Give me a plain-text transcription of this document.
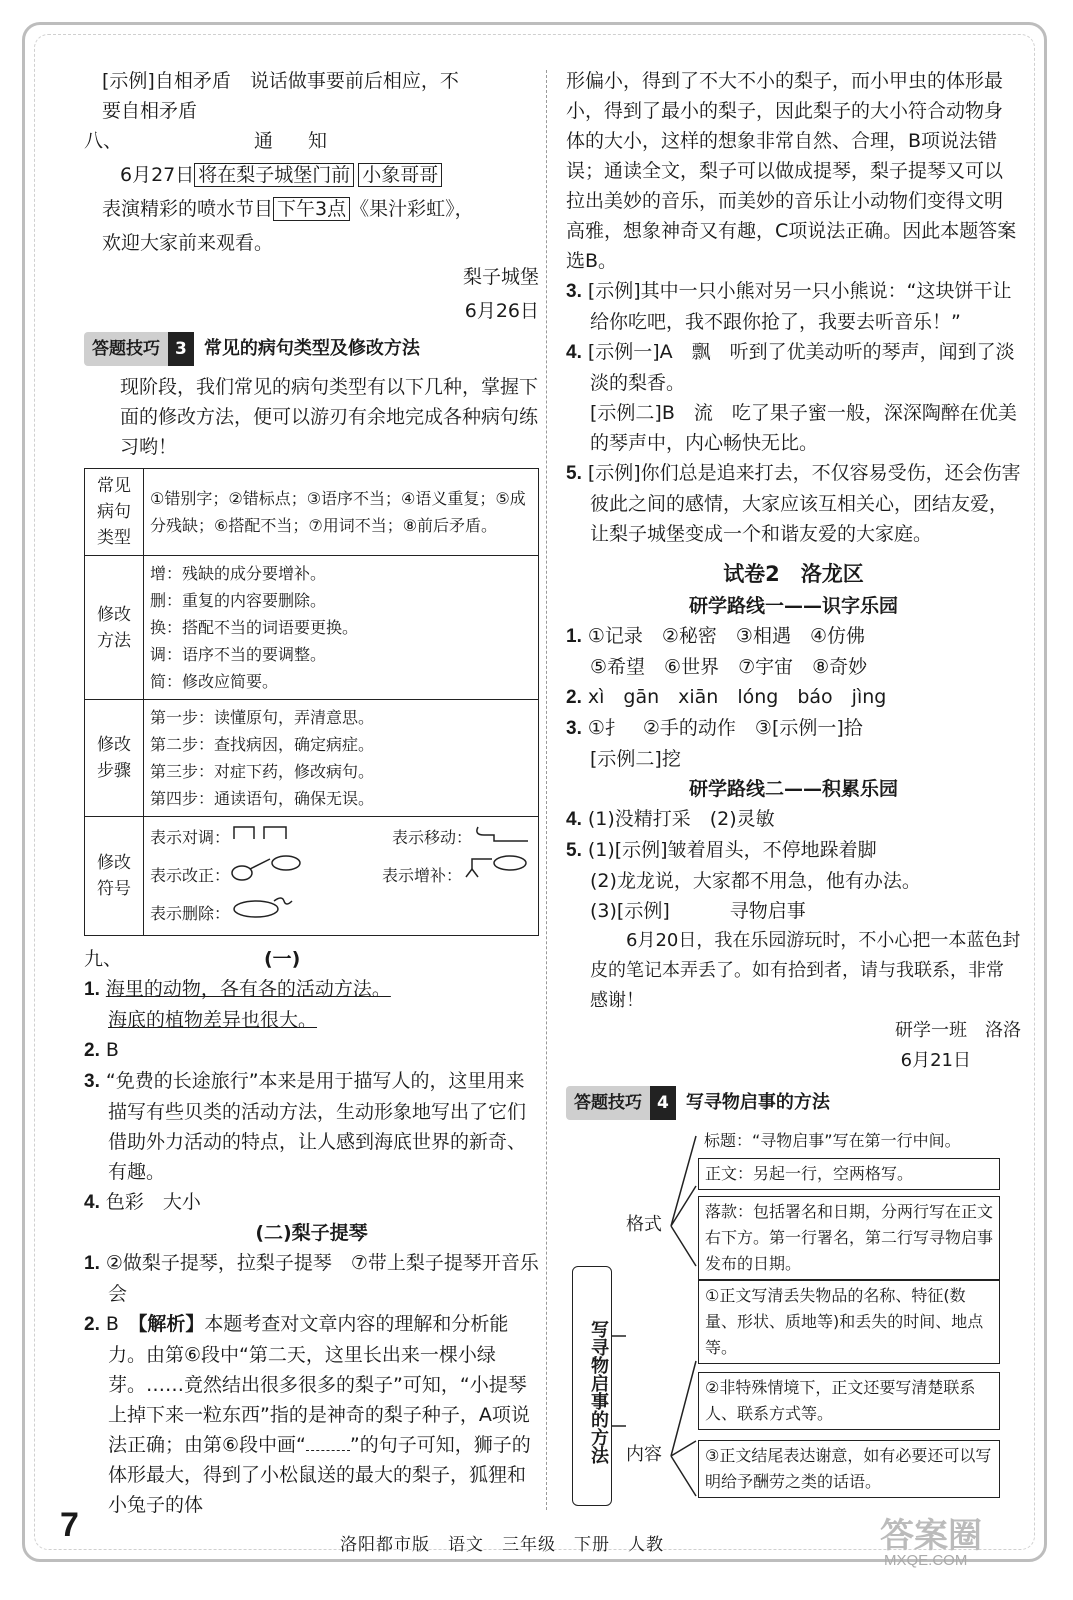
[示例]自相矛盾　说话做事要前后相应，不
要自相矛盾

八、	通　知

6月27日 将在梨子城堡门前 小象哥哥

表演精彩的喷水节目 下午3点 《果汁彩虹》，

欢迎大家前来观看。

梨子城堡

6月26日

答题技巧 3 常见的病句类型及修改方法

现阶段，我们常见的病句类型有以下几种，掌握下面的修改方法，便可以游刃有余地完成各种病句练习哟！

常见病句类型	①错别字；②错标点；③语序不当；④语义重复；⑤成分残缺；⑥搭配不当；⑦用词不当；⑧前后矛盾。
修改方法	增：残缺的成分要增补。
删：重复的内容要删除。
换：搭配不当的词语要更换。
调：语序不当的要调整。
简：修改应简要。

修改步骤	第一步：读懂原句，弄清意思。
第二步：查找病因，确定病症。
第三步：对症下药，修改病句。
第四步：通读语句，确保无误。

修改符号	表示对调： 表示移动：
表示改正： 表示增补：
表示删除：

九、	(一)

1. 海里的动物，各有各的活动方法。

海底的植物差异也很大。

2. B

3. “免费的长途旅行”本来是用于描写人的，这里用来描写有些贝类的活动方法，生动形象地写出了它们借助外力活动的特点，让人感到海底世界的新奇、有趣。

4. 色彩　大小

(二)梨子提琴

1. ②做梨子提琴，拉梨子提琴　⑦带上梨子提琴开音乐会

2. B　【解析】本题考查对文章内容的理解和分析能力。由第⑥段中“第二天，这里长出来一棵小绿芽。……竟然结出很多很多的梨子”可知，“小提琴上掉下来一粒东西”指的是神奇的梨子种子，A项说法正确；由第⑥段中画“ ”的句子可知，狮子的体形最大，得到了小松鼠送的最大的梨子，狐狸和小兔子的体

形偏小，得到了不大不小的梨子，而小甲虫的体形最小，得到了最小的梨子，因此梨子的大小符合动物身体的大小，这样的想象非常自然、合理，B项说法错误；通读全文，梨子可以做成提琴，梨子提琴又可以拉出美妙的音乐，而美妙的音乐让小动物们变得文明高雅，想象神奇又有趣，C项说法正确。因此本题答案选B。

3. [示例]其中一只小熊对另一只小熊说：“这块饼干让给你吃吧，我不跟你抢了，我要去听音乐！”

4. [示例一]A　飘　听到了优美动听的琴声，闻到了淡淡的梨香。

[示例二]B　流　吃了果子蜜一般，深深陶醉在优美的琴声中，内心畅快无比。

5. [示例]你们总是追来打去，不仅容易受伤，还会伤害彼此之间的感情，大家应该互相关心，团结友爱，让梨子城堡变成一个和谐友爱的大家庭。

试卷2　洛龙区

研学路线一——识字乐园

1. ①记录　②秘密　③相遇　④仿佛

⑤希望　⑥世界　⑦宇宙　⑧奇妙

2. xì　gān　xiān　lóng　báo　jìng

3. ①扌　②手的动作　③[示例一]拾

[示例二]挖

研学路线二——积累乐园

4. (1)没精打采　(2)灵敏

5. (1)[示例]皱着眉头，不停地跺着脚

(2)龙龙说，大家都不用急，他有办法。

(3)[示例]	寻物启事

6月20日，我在乐园游玩时，不小心把一本蓝色封皮的笔记本弄丢了。如有拾到者，请与我联系，非常感谢！

研学一班　洛洛

6月21日

答题技巧 4 写寻物启事的方法
写寻物启事的方法
格式
内容
标题：“寻物启事”写在第一行中间。
正文：另起一行，空两格写。
落款：包括署名和日期，分两行写在正文右下方。第一行署名，第二行写寻物启事发布的日期。
①正文写清丢失物品的名称、特征(数量、形状、质地等)和丢失的时间、地点等。
②非特殊情境下，正文还要写清楚联系人、联系方式等。
③正文结尾表达谢意，如有必要还可以写明给予酬劳之类的话语。
7
洛阳都市版　语文　三年级　下册　人教	答案圈
MXQE.COM
